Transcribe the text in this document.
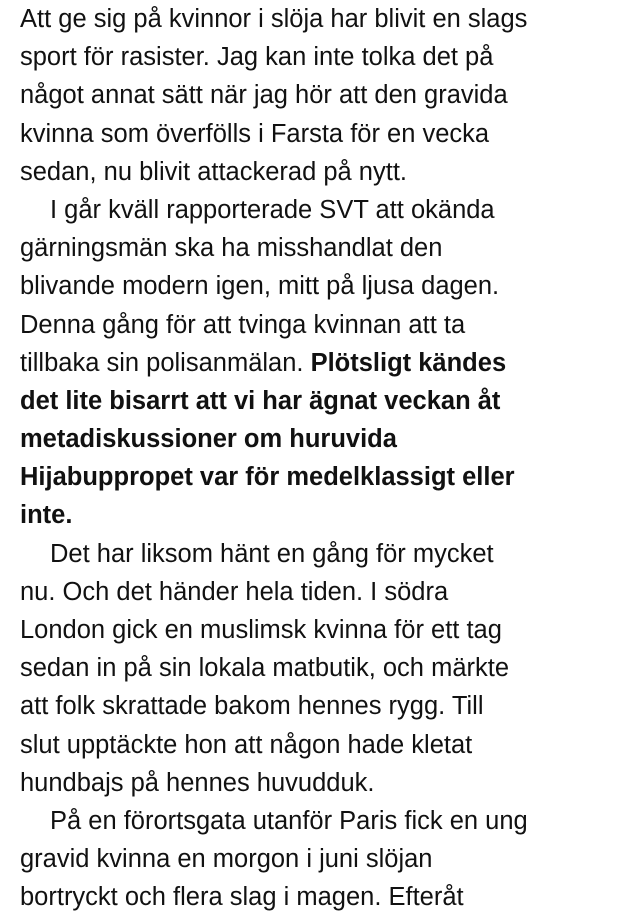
Att ge sig på kvinnor i slöja har blivit en slags
sport för rasister. Jag kan inte tolka det på
något annat sätt när jag hör att den gravida
kvinna som överfölls i Farsta för en vecka
sedan, nu blivit attackerad på nytt.
I går kväll rapporterade SVT att okända
gärningsmän ska ha misshandlat den
blivande modern igen, mitt på ljusa dagen.
Denna gång för att tvinga kvinnan att ta
tillbaka sin polisanmälan. Plötsligt kändes
det lite bisarrt att vi har ägnat veckan åt
metadiskussioner om huruvida
Hijabuppropet var för medelklassigt eller
inte.
Det har liksom hänt en gång för mycket
nu. Och det händer hela tiden. I södra
London gick en muslimsk kvinna för ett tag
sedan in på sin lokala matbutik, och märkte
att folk skrattade bakom hennes rygg. Till
slut upptäckte hon att någon hade kletat
hundbajs på hennes huvudduk.
På en förortsgata utanför Paris fick en ung
gravid kvinna en morgon i juni slöjan
bortryckt och flera slag i magen. Efteråt
